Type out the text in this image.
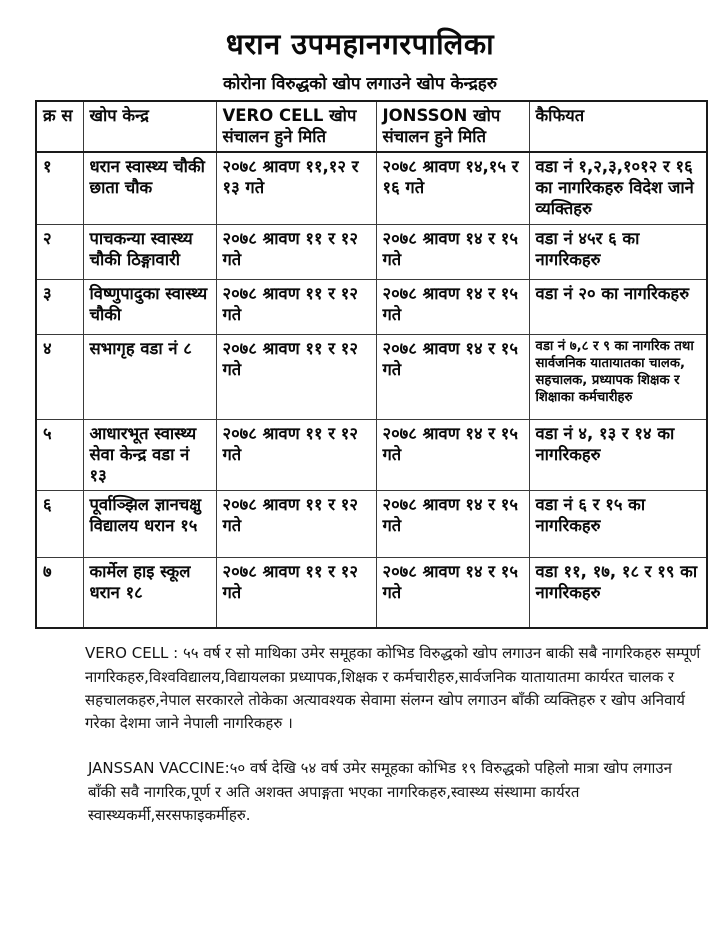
धरान उपमहानगरपालिका
कोरोना विरुद्धको खोप लगाउने खोप केन्द्रहरु
क्र स	खोप केन्द्र	VERO CELL खोप संचालन हुने मिति	JONSSON खोप संचालन हुने मिति	कैफियत
१	धरान स्वास्थ्य चौकी छाता चौक	२०७८ श्रावण ११,१२ र १३ गते	२०७८ श्रावण १४,१५ र १६ गते	वडा नं १,२,३,१०१२ र १६ का नागरिकहरु विदेश जाने व्यक्तिहरु
२	पाचकन्या स्वास्थ्य चौकी ठिङ्गावारी	२०७८ श्रावण ११ र १२ गते	२०७८ श्रावण १४ र १५ गते	वडा नं ४५र ६ का नागरिकहरु
३	विष्णुपादुका स्वास्थ्य चौकी	२०७८ श्रावण ११ र १२ गते	२०७८ श्रावण १४ र १५ गते	वडा नं २० का नागरिकहरु
४	सभागृह वडा नं ८	२०७८ श्रावण ११ र १२ गते	२०७८ श्रावण १४ र १५ गते	वडा नं ७,८ र ९ का नागरिक तथा सार्वजनिक यातायातका चालक, सहचालक, प्रध्यापक शिक्षक र शिक्षाका कर्मचारीहरु
५	आधारभूत स्वास्थ्य सेवा केन्द्र वडा नं १३	२०७८ श्रावण ११ र १२ गते	२०७८ श्रावण १४ र १५ गते	वडा नं ४, १३ र १४ का नागरिकहरु
६	पूर्वाञ्झिल ज्ञानचक्षु विद्यालय धरान १५	२०७८ श्रावण ११ र १२ गते	२०७८ श्रावण १४ र १५ गते	वडा नं ६ र १५ का नागरिकहरु
७	कार्मेल हाइ स्कूल धरान १८	२०७८ श्रावण ११ र १२ गते	२०७८ श्रावण १४ र १५ गते	वडा ११, १७, १८ र १९ का नागरिकहरु

VERO CELL : ५५ वर्ष र सो माथिका उमेर समूहका कोभिड विरुद्धको खोप लगाउन बाकी सबै नागरिकहरु सम्पूर्ण नागरिकहरु,विश्वविद्यालय,विद्यायलका प्रध्यापक,शिक्षक र कर्मचारीहरु,सार्वजनिक यातायातमा कार्यरत चालक र सहचालकहरु,नेपाल सरकारले तोकेका अत्यावश्यक सेवामा संलग्न खोप लगाउन बाँकी व्यक्तिहरु र खोप अनिवार्य गरेका देशमा जाने नेपाली नागरिकहरु ।

JANSSAN VACCINE:५० वर्ष देखि ५४ वर्ष उमेर समूहका कोभिड १९ विरुद्धको पहिलो मात्रा खोप लगाउन बाँकी सवै नागरिक,पूर्ण र अति अशक्त अपाङ्गता भएका नागरिकहरु,स्वास्थ्य संस्थामा कार्यरत स्वास्थ्यकर्मी,सरसफाइकर्मीहरु.
